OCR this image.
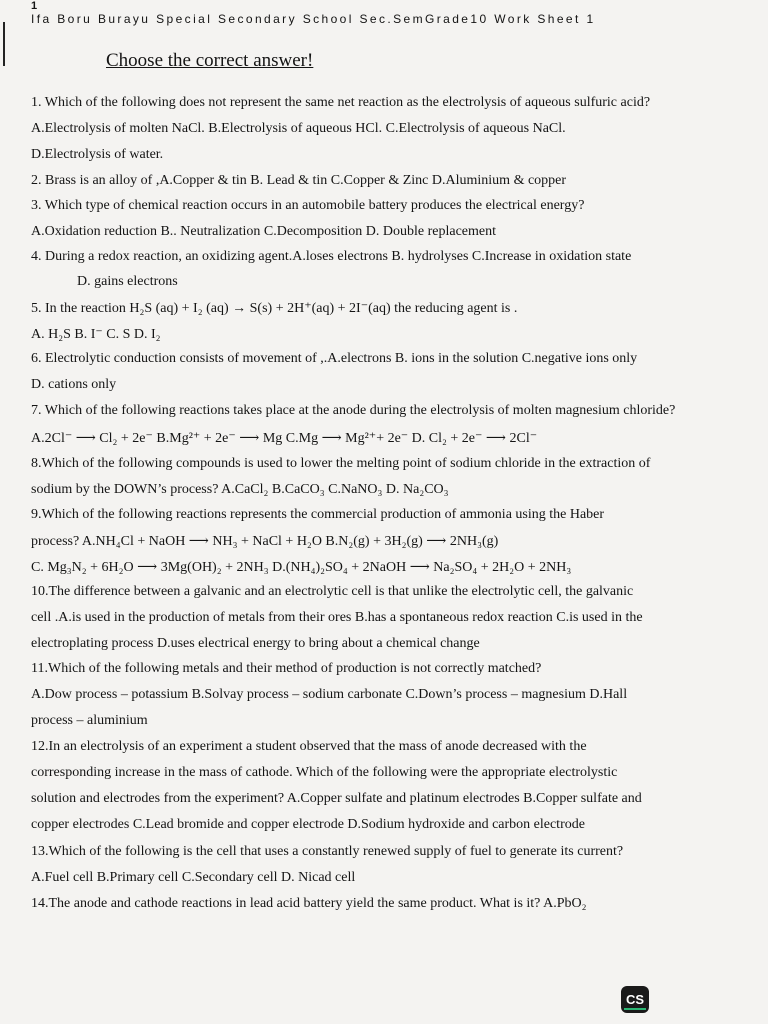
1
Ifa Boru Burayu Special Secondary School Sec.SemGrade10 Work Sheet 1
Choose the correct answer!
1. Which of the following does not represent the same net reaction as the electrolysis of aqueous sulfuric acid?
A.Electrolysis of molten NaCl. B.Electrolysis of aqueous HCl. C.Electrolysis of aqueous NaCl.
D.Electrolysis of water.
2. Brass is an alloy of ,A.Copper & tin B. Lead & tin C.Copper & Zinc D.Aluminium & copper
3. Which type of chemical reaction occurs in an automobile battery produces the electrical energy?
A.Oxidation reduction B.. Neutralization C.Decomposition D. Double replacement
4. During a redox reaction, an oxidizing agent.A.loses electrons B. hydrolyses C.Increase in oxidation state
D. gains electrons
5. In the reaction H₂S (aq) + I₂ (aq) → S(s) + 2H⁺(aq) + 2I⁻(aq) the reducing agent is .
A. H₂S B. I⁻ C. S D. I₂
6. Electrolytic conduction consists of movement of ,.A.electrons B. ions in the solution C.negative ions only
D. cations only
7. Which of the following reactions takes place at the anode during the electrolysis of molten magnesium chloride?
A.2Cl⁻ ⟶ Cl₂ + 2e⁻ B.Mg²⁺ + 2e⁻ ⟶ Mg C.Mg ⟶ Mg²⁺+ 2e⁻ D. Cl₂ + 2e⁻ ⟶ 2Cl⁻
8.Which of the following compounds is used to lower the melting point of sodium chloride in the extraction of
sodium by the DOWN’s process? A.CaCl₂ B.CaCO₃ C.NaNO₃ D. Na₂CO₃
9.Which of the following reactions represents the commercial production of ammonia using the Haber
process? A.NH₄Cl + NaOH ⟶ NH₃ + NaCl + H₂O B.N₂(g) + 3H₂(g) ⟶ 2NH₃(g)
C. Mg₃N₂ + 6H₂O ⟶ 3Mg(OH)₂ + 2NH₃ D.(NH₄)₂SO₄ + 2NaOH ⟶ Na₂SO₄ + 2H₂O + 2NH₃
10.The difference between a galvanic and an electrolytic cell is that unlike the electrolytic cell, the galvanic
cell .A.is used in the production of metals from their ores B.has a spontaneous redox reaction C.is used in the
electroplating process D.uses electrical energy to bring about a chemical change
11.Which of the following metals and their method of production is not correctly matched?
A.Dow process – potassium B.Solvay process – sodium carbonate C.Down’s process – magnesium D.Hall
process – aluminium
12.In an electrolysis of an experiment a student observed that the mass of anode decreased with the
corresponding increase in the mass of cathode. Which of the following were the appropriate electrolystic
solution and electrodes from the experiment? A.Copper sulfate and platinum electrodes B.Copper sulfate and
copper electrodes C.Lead bromide and copper electrode D.Sodium hydroxide and carbon electrode
13.Which of the following is the cell that uses a constantly renewed supply of fuel to generate its current?
A.Fuel cell B.Primary cell C.Secondary cell D. Nicad cell
14.The anode and cathode reactions in lead acid battery yield the same product. What is it? A.PbO₂
CS
